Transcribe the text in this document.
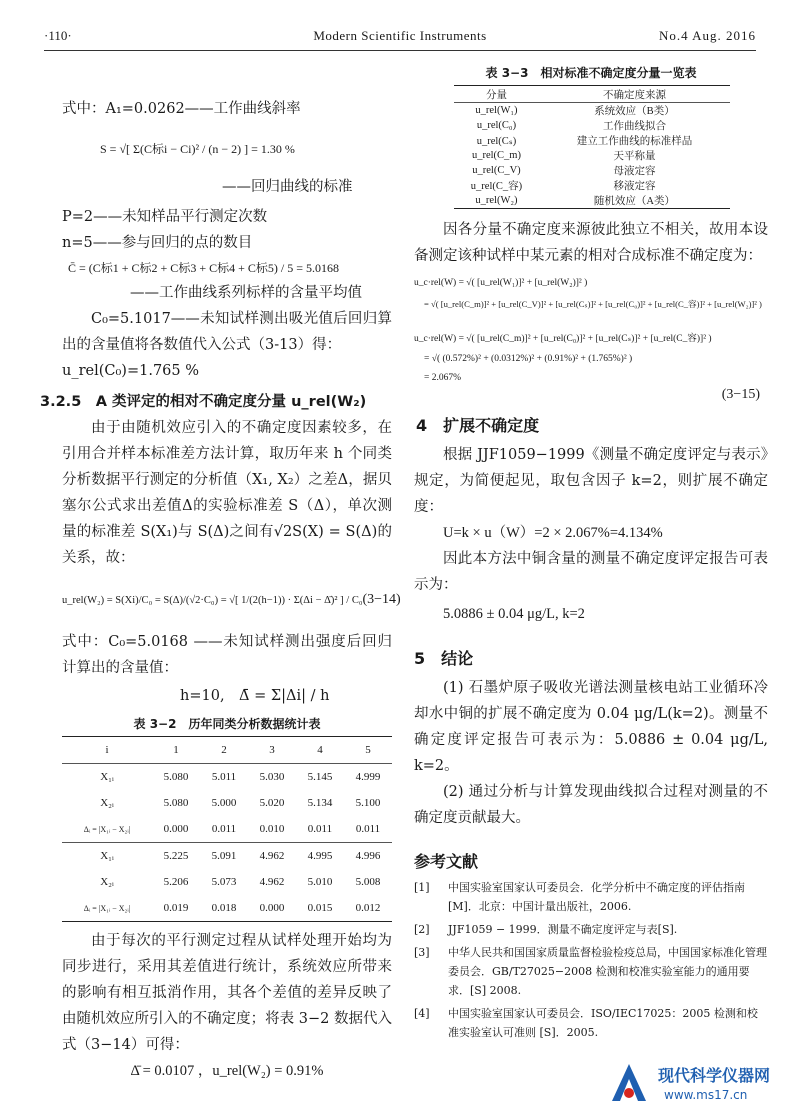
·110·	Modern Scientific Instruments	No.4 Aug. 2016
式中：A₁=0.0262——工作曲线斜率
S = √[ Σ(C标i − Ci)² / (n − 2) ] = 1.30 %
——回归曲线的标准
P=2——未知样品平行测定次数
n=5——参与回归的点的数目
C̄ = (C标1 + C标2 + C标3 + C标4 + C标5) / 5 = 5.0168
——工作曲线系列标样的含量平均值

C₀=5.1017——未知试样测出吸光值后回归算出的含量值将各数值代入公式（3-13）得：

u_rel(C₀)=1.765 %
3.2.5　A 类评定的相对不确定度分量 u_rel(W₂)

由于由随机效应引入的不确定度因素较多，在引用合并样本标准差方法计算，取历年来 h 个同类分析数据平行测定的分析值（X₁, X₂）之差Δ，据贝塞尔公式求出差值Δ的实验标准差 S（Δ），单次测量的标准差 S(X₁)与 S(Δ)之间有√2S(X) = S(Δ)的关系，故：

u_rel(W₂) = S(Xi)/C₀ = S(Δ)/(√2·C₀) = √[ 1/(2(h−1)) · Σ(Δi − Δ̄)² ] / C₀ (3−14)

式中：C₀=5.0168 ——未知试样测出强度后回归计算出的含量值：

h=10,　Δ̄ = Σ|Δi| / h
表 3−2　历年同类分析数据统计表
i	1	2	3	4	5
X₁ᵢ	5.080	5.011	5.030	5.145	4.999
X₂ᵢ	5.080	5.000	5.020	5.134	5.100
Δᵢ = |X₁ᵢ − X₂ᵢ|	0.000	0.011	0.010	0.011	0.011
X₁ᵢ	5.225	5.091	4.962	4.995	4.996
X₂ᵢ	5.206	5.073	4.962	5.010	5.008
Δᵢ = |X₁ᵢ − X₂ᵢ|	0.019	0.018	0.000	0.015	0.012

由于每次的平行测定过程从试样处理开始均为同步进行，采用其差值进行统计，系统效应所带来的影响有相互抵消作用，其各个差值的差异反映了由随机效应所引入的不确定度；将表 3−2 数据代入式（3−14）可得：

Δ̄ = 0.0107 ，u_rel(W₂) = 0.91%
表 3−3　相对标准不确定度分量一览表
分量	不确定度来源
u_rel(W₁)	系统效应（B类）
u_rel(C₀)	工作曲线拟合
u_rel(Cₛ)	建立工作曲线的标准样品
u_rel(C_m)	天平称量
u_rel(C_V)	母液定容
u_rel(C_容)	移液定容
u_rel(W₂)	随机效应（A类）

因各分量不确定度来源彼此独立不相关，故用本设备测定该种试样中某元素的相对合成标准不确定度为：

u_c·rel(W) = √( [u_rel(W₁)]² + [u_rel(W₂)]² )
= √( [u_rel(C_m)]² + [u_rel(C_V)]² + [u_rel(Cₛ)]² + [u_rel(C₀)]² + [u_rel(C_容)]² + [u_rel(W₂)]² )
u_c·rel(W) = √( [u_rel(C_m)]² + [u_rel(C₀)]² + [u_rel(Cₛ)]² + [u_rel(C_容)]² )
= √( (0.572%)² + (0.0312%)² + (0.91%)² + (1.765%)² )
= 2.067%
(3−15)
4　扩展不确定度

根据 JJF1059−1999《测量不确定度评定与表示》规定，为简便起见，取包含因子 k=2，则扩展不确定度：

U=k × u（W）=2 × 2.067%=4.134%

因此本方法中铜含量的测量不确定度评定报告可表示为：

5.0886 ± 0.04 μg/L, k=2
5　结论

(1) 石墨炉原子吸收光谱法测量核电站工业循环冷却水中铜的扩展不确定度为 0.04 μg/L(k=2)。测量不确定度评定报告可表示为：5.0886 ± 0.04 μg/L, k=2。

(2) 通过分析与计算发现曲线拟合过程对测量的不确定度贡献最大。

参考文献
[1] 中国实验室国家认可委员会．化学分析中不确定度的评估指南[M]．北京：中国计量出版社，2006.
[2] JJF1059 − 1999．测量不确定度评定与表[S].
[3] 中华人民共和国国家质量监督检验检疫总局，中国国家标准化管理委员会．GB/T27025−2008 检测和校准实验室能力的通用要求．[S] 2008.
[4] 中国实验室国家认可委员会．ISO/IEC17025：2005 检测和校准实验室认可准则 [S]．2005.
现代科学仪器网
www.ms17.cn
